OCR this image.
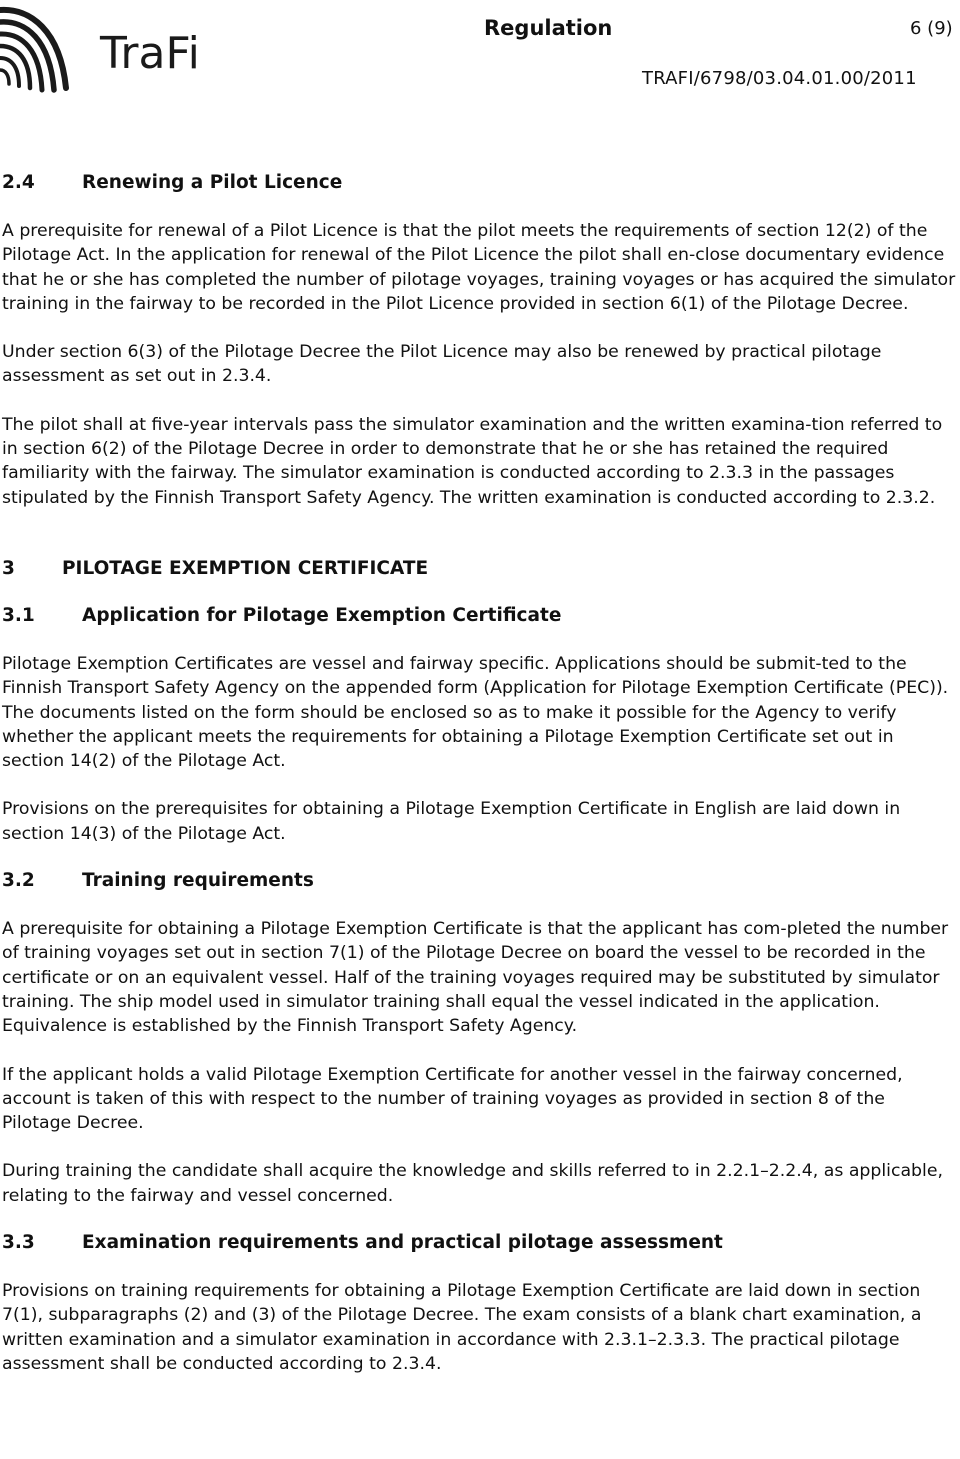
TraFi	Regulation	6 (9)
TRAFI/6798/03.04.01.00/2011
2.4	Renewing a Pilot Licence

A prerequisite for renewal of a Pilot Licence is that the pilot meets the requirements of section 12(2) of the Pilotage Act. In the application for renewal of the Pilot Licence the pilot shall en-close documentary evidence that he or she has completed the number of pilotage voyages, training voyages or has acquired the simulator training in the fairway to be recorded in the Pilot Licence provided in section 6(1) of the Pilotage Decree.

Under section 6(3) of the Pilotage Decree the Pilot Licence may also be renewed by practical pilotage assessment as set out in 2.3.4.

The pilot shall at five-year intervals pass the simulator examination and the written examina-tion referred to in section 6(2) of the Pilotage Decree in order to demonstrate that he or she has retained the required familiarity with the fairway. The simulator examination is conducted according to 2.3.3 in the passages stipulated by the Finnish Transport Safety Agency. The written examination is conducted according to 2.3.2.

3	PILOTAGE EXEMPTION CERTIFICATE
3.1	Application for Pilotage Exemption Certificate

Pilotage Exemption Certificates are vessel and fairway specific. Applications should be submit-ted to the Finnish Transport Safety Agency on the appended form (Application for Pilotage Exemption Certificate (PEC)). The documents listed on the form should be enclosed so as to make it possible for the Agency to verify whether the applicant meets the requirements for obtaining a Pilotage Exemption Certificate set out in section 14(2) of the Pilotage Act.

Provisions on the prerequisites for obtaining a Pilotage Exemption Certificate in English are laid down in section 14(3) of the Pilotage Act.

3.2	Training requirements

A prerequisite for obtaining a Pilotage Exemption Certificate is that the applicant has com-pleted the number of training voyages set out in section 7(1) of the Pilotage Decree on board the vessel to be recorded in the certificate or on an equivalent vessel. Half of the training voyages required may be substituted by simulator training. The ship model used in simulator training shall equal the vessel indicated in the application. Equivalence is established by the Finnish Transport Safety Agency.

If the applicant holds a valid Pilotage Exemption Certificate for another vessel in the fairway concerned, account is taken of this with respect to the number of training voyages as provided in section 8 of the Pilotage Decree.

During training the candidate shall acquire the knowledge and skills referred to in 2.2.1–2.2.4, as applicable, relating to the fairway and vessel concerned.

3.3	Examination requirements and practical pilotage assessment

Provisions on training requirements for obtaining a Pilotage Exemption Certificate are laid down in section 7(1), subparagraphs (2) and (3) of the Pilotage Decree. The exam consists of a blank chart examination, a written examination and a simulator examination in accordance with 2.3.1–2.3.3. The practical pilotage assessment shall be conducted according to 2.3.4.
